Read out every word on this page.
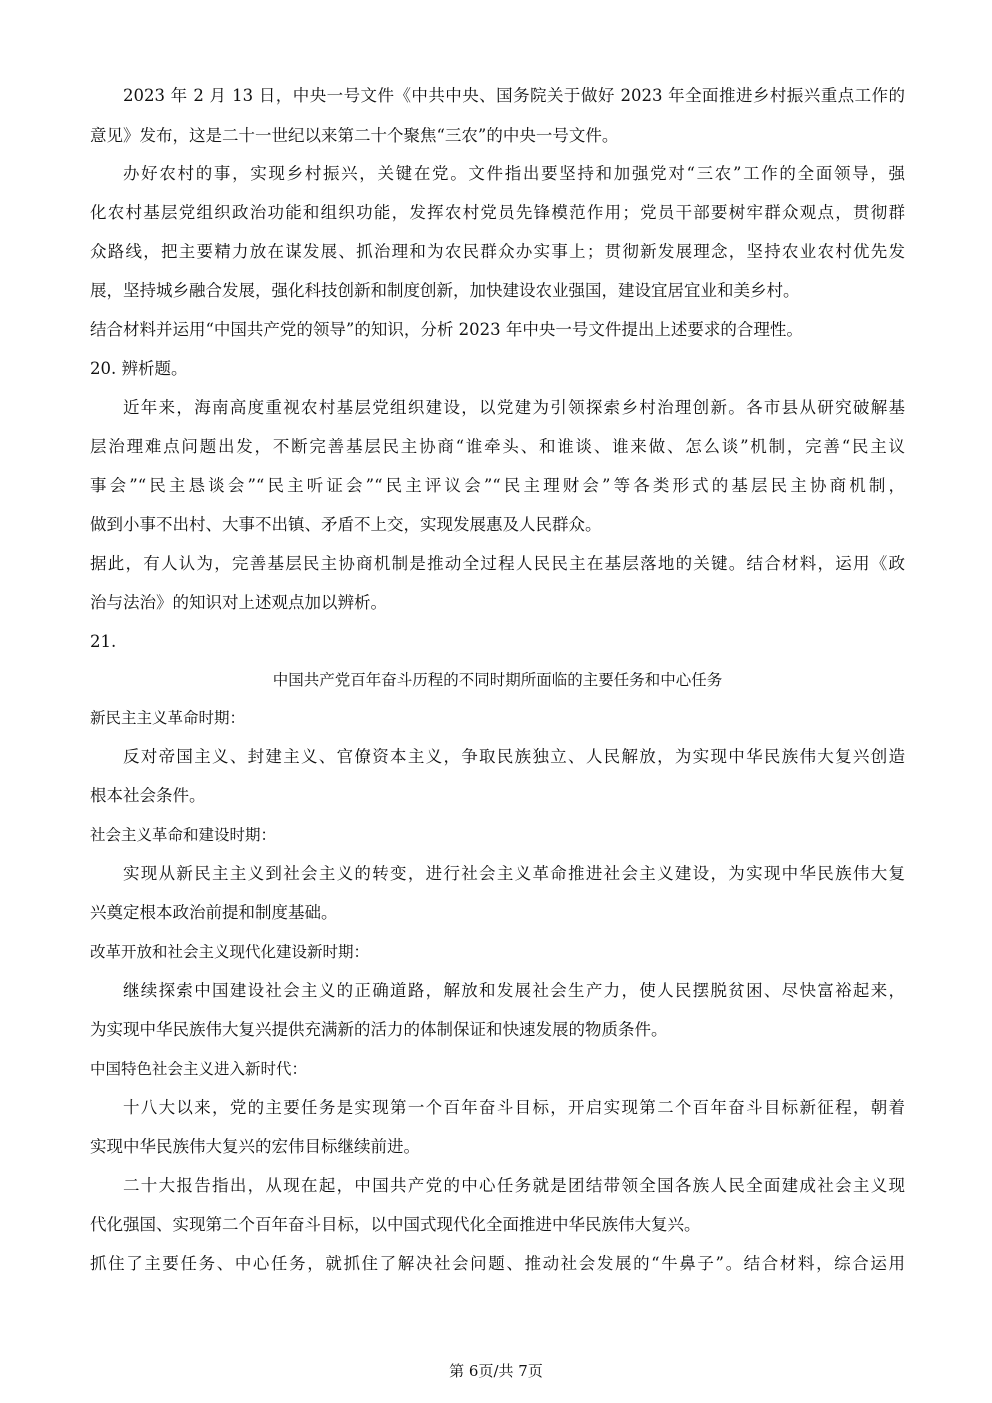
2023 年 2 月 13 日，中央一号文件《中共中央、国务院关于做好 2023 年全面推进乡村振兴重点工作的
意见》发布，这是二十一世纪以来第二十个聚焦“三农”的中央一号文件。
办好农村的事，实现乡村振兴，关键在党。文件指出要坚持和加强党对“三农”工作的全面领导，强
化农村基层党组织政治功能和组织功能，发挥农村党员先锋模范作用；党员干部要树牢群众观点，贯彻群
众路线，把主要精力放在谋发展、抓治理和为农民群众办实事上；贯彻新发展理念，坚持农业农村优先发
展，坚持城乡融合发展，强化科技创新和制度创新，加快建设农业强国，建设宜居宜业和美乡村。
结合材料并运用“中国共产党的领导”的知识，分析 2023 年中央一号文件提出上述要求的合理性。
20. 辨析题。
近年来，海南高度重视农村基层党组织建设，以党建为引领探索乡村治理创新。各市县从研究破解基
层治理难点问题出发，不断完善基层民主协商“谁牵头、和谁谈、谁来做、怎么谈”机制，完善“民主议
事会”“民主恳谈会”“民主听证会”“民主评议会”“民主理财会”等各类形式的基层民主协商机制，
做到小事不出村、大事不出镇、矛盾不上交，实现发展惠及人民群众。
据此，有人认为，完善基层民主协商机制是推动全过程人民民主在基层落地的关键。结合材料，运用《政
治与法治》的知识对上述观点加以辨析。
21.
中国共产党百年奋斗历程的不同时期所面临的主要任务和中心任务
新民主主义革命时期：
反对帝国主义、封建主义、官僚资本主义，争取民族独立、人民解放，为实现中华民族伟大复兴创造
根本社会条件。
社会主义革命和建设时期：
实现从新民主主义到社会主义的转变，进行社会主义革命推进社会主义建设，为实现中华民族伟大复
兴奠定根本政治前提和制度基础。
改革开放和社会主义现代化建设新时期：
继续探索中国建设社会主义的正确道路，解放和发展社会生产力，使人民摆脱贫困、尽快富裕起来，
为实现中华民族伟大复兴提供充满新的活力的体制保证和快速发展的物质条件。
中国特色社会主义进入新时代：
十八大以来，党的主要任务是实现第一个百年奋斗目标，开启实现第二个百年奋斗目标新征程，朝着
实现中华民族伟大复兴的宏伟目标继续前进。
二十大报告指出，从现在起，中国共产党的中心任务就是团结带领全国各族人民全面建成社会主义现
代化强国、实现第二个百年奋斗目标，以中国式现代化全面推进中华民族伟大复兴。
抓住了主要任务、中心任务，就抓住了解决社会问题、推动社会发展的“牛鼻子”。结合材料，综合运用
第 6页/共 7页
